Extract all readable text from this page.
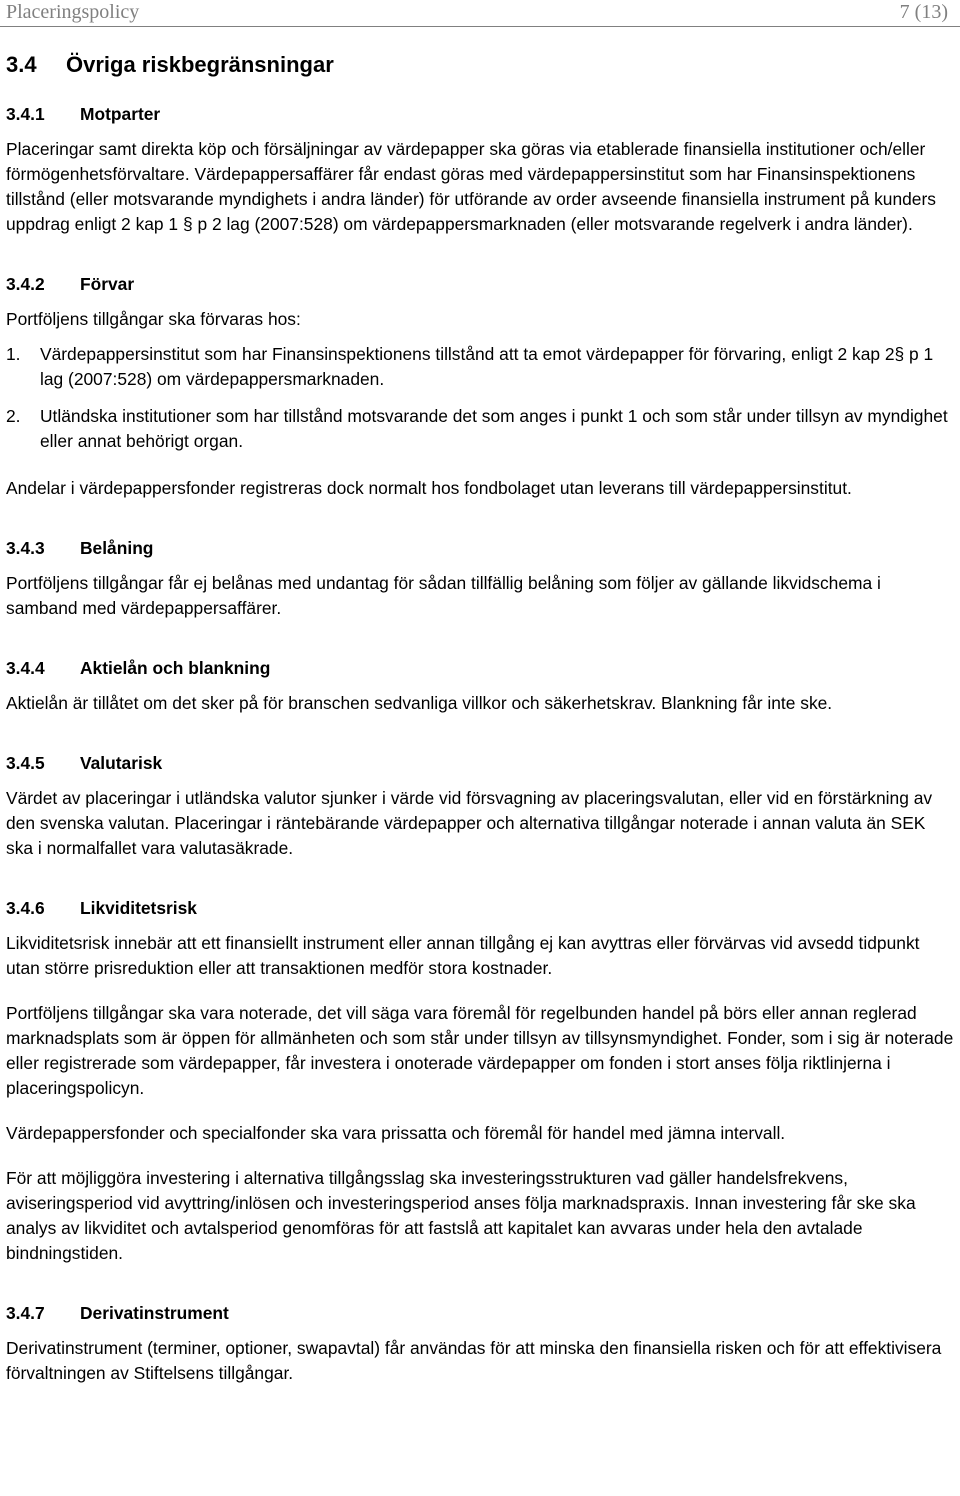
Placeringspolicy	7 (13)
3.4	Övriga riskbegränsningar
3.4.1	Motparter

Placeringar samt direkta köp och försäljningar av värdepapper ska göras via etablerade finansiella institutioner och/eller förmögenhetsförvaltare. Värdepappersaffärer får endast göras med värdepappersinstitut som har Finansinspektionens tillstånd (eller motsvarande myndighets i andra länder) för utförande av order avseende finansiella instrument på kunders uppdrag enligt 2 kap 1 § p 2 lag (2007:528) om värdepappersmarknaden (eller motsvarande regelverk i andra länder).

3.4.2	Förvar

Portföljens tillgångar ska förvaras hos:

1.	Värdepappersinstitut som har Finansinspektionens tillstånd att ta emot värdepapper för förvaring, enligt 2 kap 2§ p 1 lag (2007:528) om värdepappersmarknaden.
2.	Utländska institutioner som har tillstånd motsvarande det som anges i punkt 1 och som står under tillsyn av myndighet eller annat behörigt organ.

Andelar i värdepappersfonder registreras dock normalt hos fondbolaget utan leverans till värdepappersinstitut.

3.4.3	Belåning

Portföljens tillgångar får ej belånas med undantag för sådan tillfällig belåning som följer av gällande likvidschema i samband med värdepappersaffärer.

3.4.4	Aktielån och blankning

Aktielån är tillåtet om det sker på för branschen sedvanliga villkor och säkerhetskrav. Blankning får inte ske.

3.4.5	Valutarisk

Värdet av placeringar i utländska valutor sjunker i värde vid försvagning av placeringsvalutan, eller vid en förstärkning av den svenska valutan. Placeringar i räntebärande värdepapper och alternativa tillgångar noterade i annan valuta än SEK ska i normalfallet vara valutasäkrade.

3.4.6	Likviditetsrisk

Likviditetsrisk innebär att ett finansiellt instrument eller annan tillgång ej kan avyttras eller förvärvas vid avsedd tidpunkt utan större prisreduktion eller att transaktionen medför stora kostnader.

Portföljens tillgångar ska vara noterade, det vill säga vara föremål för regelbunden handel på börs eller annan reglerad marknadsplats som är öppen för allmänheten och som står under tillsyn av tillsynsmyndighet. Fonder, som i sig är noterade eller registrerade som värdepapper, får investera i onoterade värdepapper om fonden i stort anses följa riktlinjerna i placeringspolicyn.

Värdepappersfonder och specialfonder ska vara prissatta och föremål för handel med jämna intervall.

För att möjliggöra investering i alternativa tillgångsslag ska investeringsstrukturen vad gäller handelsfrekvens, aviseringsperiod vid avyttring/inlösen och investeringsperiod anses följa marknadspraxis. Innan investering får ske ska analys av likviditet och avtalsperiod genomföras för att fastslå att kapitalet kan avvaras under hela den avtalade bindningstiden.

3.4.7	Derivatinstrument

Derivatinstrument (terminer, optioner, swapavtal) får användas för att minska den finansiella risken och för att effektivisera förvaltningen av Stiftelsens tillgångar.
